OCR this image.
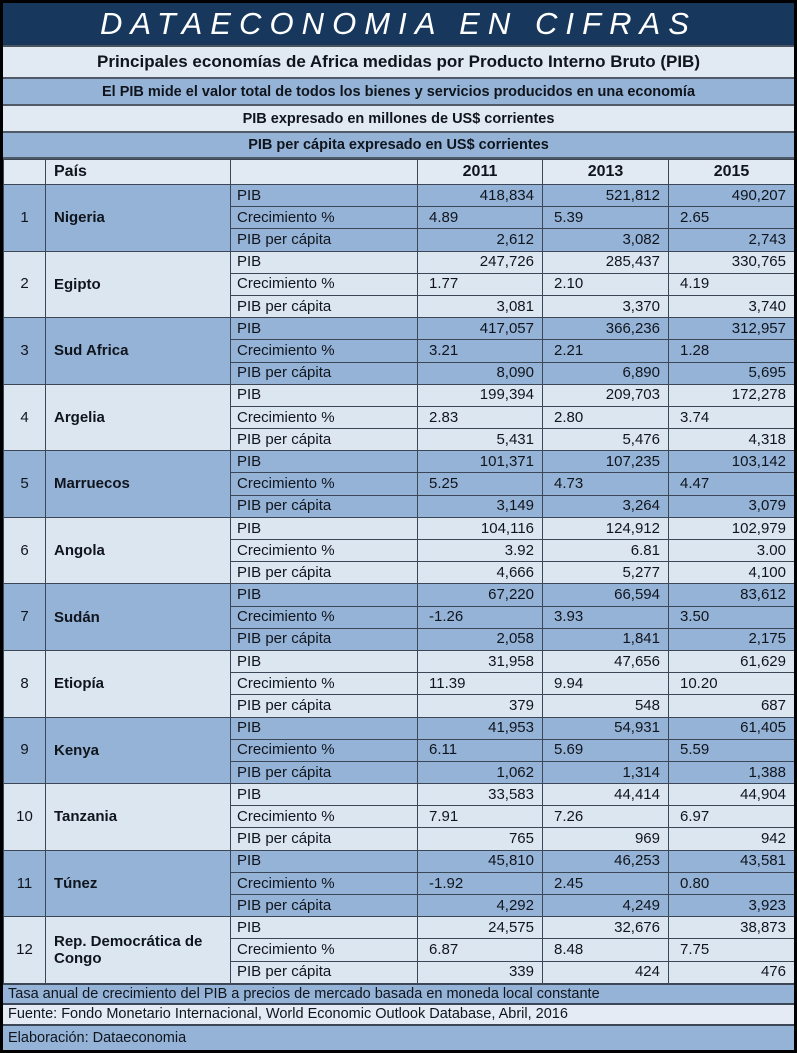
DATAECONOMIA EN CIFRAS
Principales economías de Africa medidas por Producto Interno Bruto (PIB)
El PIB mide el valor total de todos los bienes y servicios producidos en una economía
PIB expresado en millones de US$ corrientes
PIB per cápita expresado en US$ corrientes
	País		2011	2013	2015
1	Nigeria	PIB	418,834	521,812	490,207
		Crecimiento %	4.89	5.39	2.65
		PIB per cápita	2,612	3,082	2,743
2	Egipto	PIB	247,726	285,437	330,765
		Crecimiento %	1.77	2.10	4.19
		PIB per cápita	3,081	3,370	3,740
3	Sud Africa	PIB	417,057	366,236	312,957
		Crecimiento %	3.21	2.21	1.28
		PIB per cápita	8,090	6,890	5,695
4	Argelia	PIB	199,394	209,703	172,278
		Crecimiento %	2.83	2.80	3.74
		PIB per cápita	5,431	5,476	4,318
5	Marruecos	PIB	101,371	107,235	103,142
		Crecimiento %	5.25	4.73	4.47
		PIB per cápita	3,149	3,264	3,079
6	Angola	PIB	104,116	124,912	102,979
		Crecimiento %	3.92	6.81	3.00
		PIB per cápita	4,666	5,277	4,100
7	Sudán	PIB	67,220	66,594	83,612
		Crecimiento %	-1.26	3.93	3.50
		PIB per cápita	2,058	1,841	2,175
8	Etiopía	PIB	31,958	47,656	61,629
		Crecimiento %	11.39	9.94	10.20
		PIB per cápita	379	548	687
9	Kenya	PIB	41,953	54,931	61,405
		Crecimiento %	6.11	5.69	5.59
		PIB per cápita	1,062	1,314	1,388
10	Tanzania	PIB	33,583	44,414	44,904
		Crecimiento %	7.91	7.26	6.97
		PIB per cápita	765	969	942
11	Túnez	PIB	45,810	46,253	43,581
		Crecimiento %	-1.92	2.45	0.80
		PIB per cápita	4,292	4,249	3,923
12	Rep. Democrática de Congo	PIB	24,575	32,676	38,873
		Crecimiento %	6.87	8.48	7.75
		PIB per cápita	339	424	476
Tasa anual de crecimiento del PIB a precios de mercado basada en moneda local constante
Fuente: Fondo Monetario Internacional, World Economic Outlook Database, Abril, 2016
Elaboración: Dataeconomia
